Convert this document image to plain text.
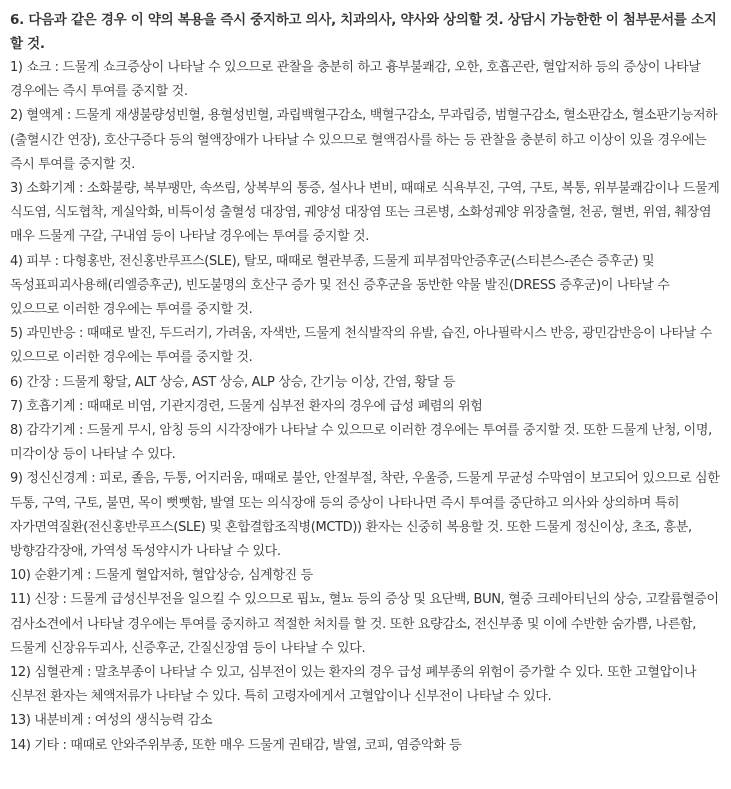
6. 다음과 같은 경우 이 약의 복용을 즉시 중지하고 의사, 치과의사, 약사와 상의할 것. 상담시 가능한한 이 첨부문서를 소지할 것.

1) 쇼크 : 드물게 쇼크증상이 나타날 수 있으므로 관찰을 충분히 하고 흉부불쾌감, 오한, 호흡곤란, 혈압저하 등의 증상이 나타날 경우에는 즉시 투여를 중지할 것.

2) 혈액계 : 드물게 재생불량성빈혈, 용혈성빈혈, 과립백혈구감소, 백혈구감소, 무과립증, 범혈구감소, 혈소판감소, 혈소판기능저하(출혈시간 연장), 호산구증다 등의 혈액장애가 나타날 수 있으므로 혈액검사를 하는 등 관찰을 충분히 하고 이상이 있을 경우에는 즉시 투여를 중지할 것.

3) 소화기계 : 소화불량, 복부팽만, 속쓰림, 상복부의 통증, 설사나 변비, 때때로 식욕부진, 구역, 구토, 복통, 위부불쾌감이나 드물게 식도염, 식도협착, 게실악화, 비특이성 출혈성 대장염, 궤양성 대장염 또는 크론병, 소화성궤양 위장출혈, 천공, 혈변, 위염, 췌장염 매우 드물게 구갈, 구내염 등이 나타날 경우에는 투여를 중지할 것.

4) 피부 : 다형홍반, 전신홍반루프스(SLE), 탈모, 때때로 혈관부종, 드물게 피부점막안증후군(스티븐스-존슨 증후군) 및 독성표피괴사용해(리엘증후군), 빈도불명의 호산구 증가 및 전신 증후군을 동반한 약물 발진(DRESS 증후군)이 나타날 수 있으므로 이러한 경우에는 투여를 중지할 것.

5) 과민반응 : 때때로 발진, 두드러기, 가려움, 자색반, 드물게 천식발작의 유발, 습진, 아나필락시스 반응, 광민감반응이 나타날 수 있으므로 이러한 경우에는 투여를 중지할 것.

6) 간장 : 드물게 황달, ALT 상승, AST 상승, ALP 상승, 간기능 이상, 간염, 황달 등

7) 호흡기계 : 때때로 비염, 기관지경련, 드물게 심부전 환자의 경우에 급성 폐렴의 위험

8) 감각기계 : 드물게 무시, 암칭 등의 시각장애가 나타날 수 있으므로 이러한 경우에는 투여를 중지할 것. 또한 드물게 난청, 이명, 미각이상 등이 나타날 수 있다.

9) 정신신경계 : 피로, 졸음, 두통, 어지러움, 때때로 불안, 안절부절, 착란, 우울증, 드물게 무균성 수막염이 보고되어 있으므로 심한 두통, 구역, 구토, 불면, 목이 뻣뻣함, 발열 또는 의식장애 등의 증상이 나타나면 즉시 투여를 중단하고 의사와 상의하며 특히 자가면역질환(전신홍반루프스(SLE) 및 혼합결합조직병(MCTD)) 환자는 신중히 복용할 것. 또한 드물게 정신이상, 초조, 흥분, 방향감각장애, 가역성 독성약시가 나타날 수 있다.

10) 순환기계 : 드물게 혈압저하, 혈압상승, 심계항진 등

11) 신장 : 드물게 급성신부전을 일으킬 수 있으므로 핍뇨, 혈뇨 등의 증상 및 요단백, BUN, 혈중 크레아티닌의 상승, 고칼륨혈증이 검사소견에서 나타날 경우에는 투여를 중지하고 적절한 처치를 할 것. 또한 요량감소, 전신부종 및 이에 수반한 숨가쁨, 나른함, 드물게 신장유두괴사, 신증후군, 간질신장염 등이 나타날 수 있다.

12) 심혈관계 : 말초부종이 나타날 수 있고, 심부전이 있는 환자의 경우 급성 폐부종의 위험이 증가할 수 있다. 또한 고혈압이나 신부전 환자는 체액저류가 나타날 수 있다. 특히 고령자에게서 고혈압이나 신부전이 나타날 수 있다.

13) 내분비계 : 여성의 생식능력 감소

14) 기타 : 때때로 안와주위부종, 또한 매우 드물게 권태감, 발열, 코피, 염증악화 등
